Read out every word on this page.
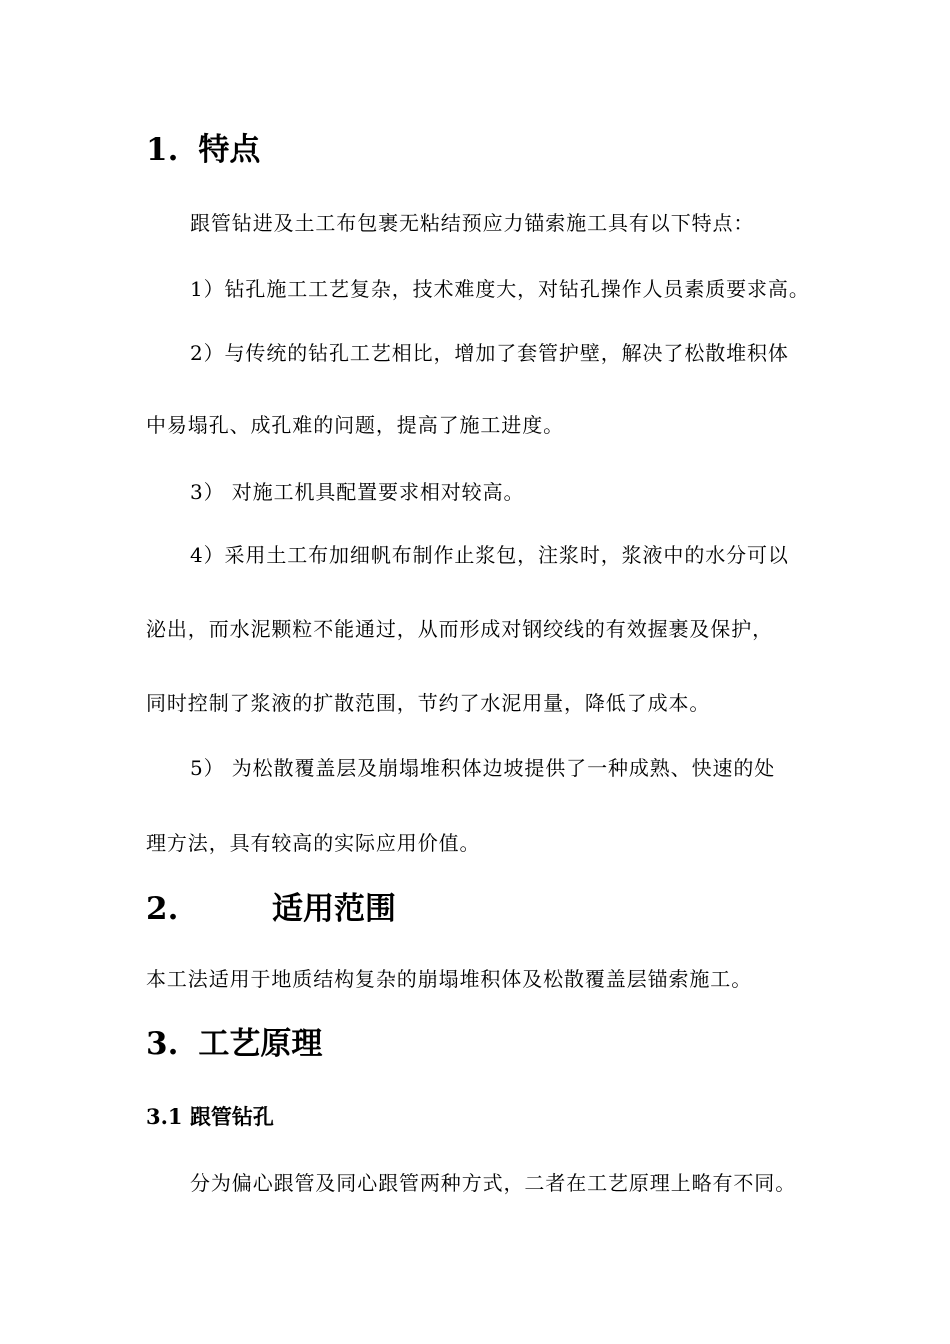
1. 特点
跟管钻进及土工布包裹无粘结预应力锚索施工具有以下特点：
1）钻孔施工工艺复杂，技术难度大，对钻孔操作人员素质要求高。
2）与传统的钻孔工艺相比，增加了套管护壁，解决了松散堆积体
中易塌孔、成孔难的问题，提高了施工进度。
3） 对施工机具配置要求相对较高。
4）采用土工布加细帆布制作止浆包，注浆时，浆液中的水分可以
泌出，而水泥颗粒不能通过，从而形成对钢绞线的有效握裹及保护，
同时控制了浆液的扩散范围，节约了水泥用量，降低了成本。
5） 为松散覆盖层及崩塌堆积体边坡提供了一种成熟、快速的处
理方法，具有较高的实际应用价值。
2.	适用范围
本工法适用于地质结构复杂的崩塌堆积体及松散覆盖层锚索施工。
3. 工艺原理
3.1 跟管钻孔
分为偏心跟管及同心跟管两种方式，二者在工艺原理上略有不同。
